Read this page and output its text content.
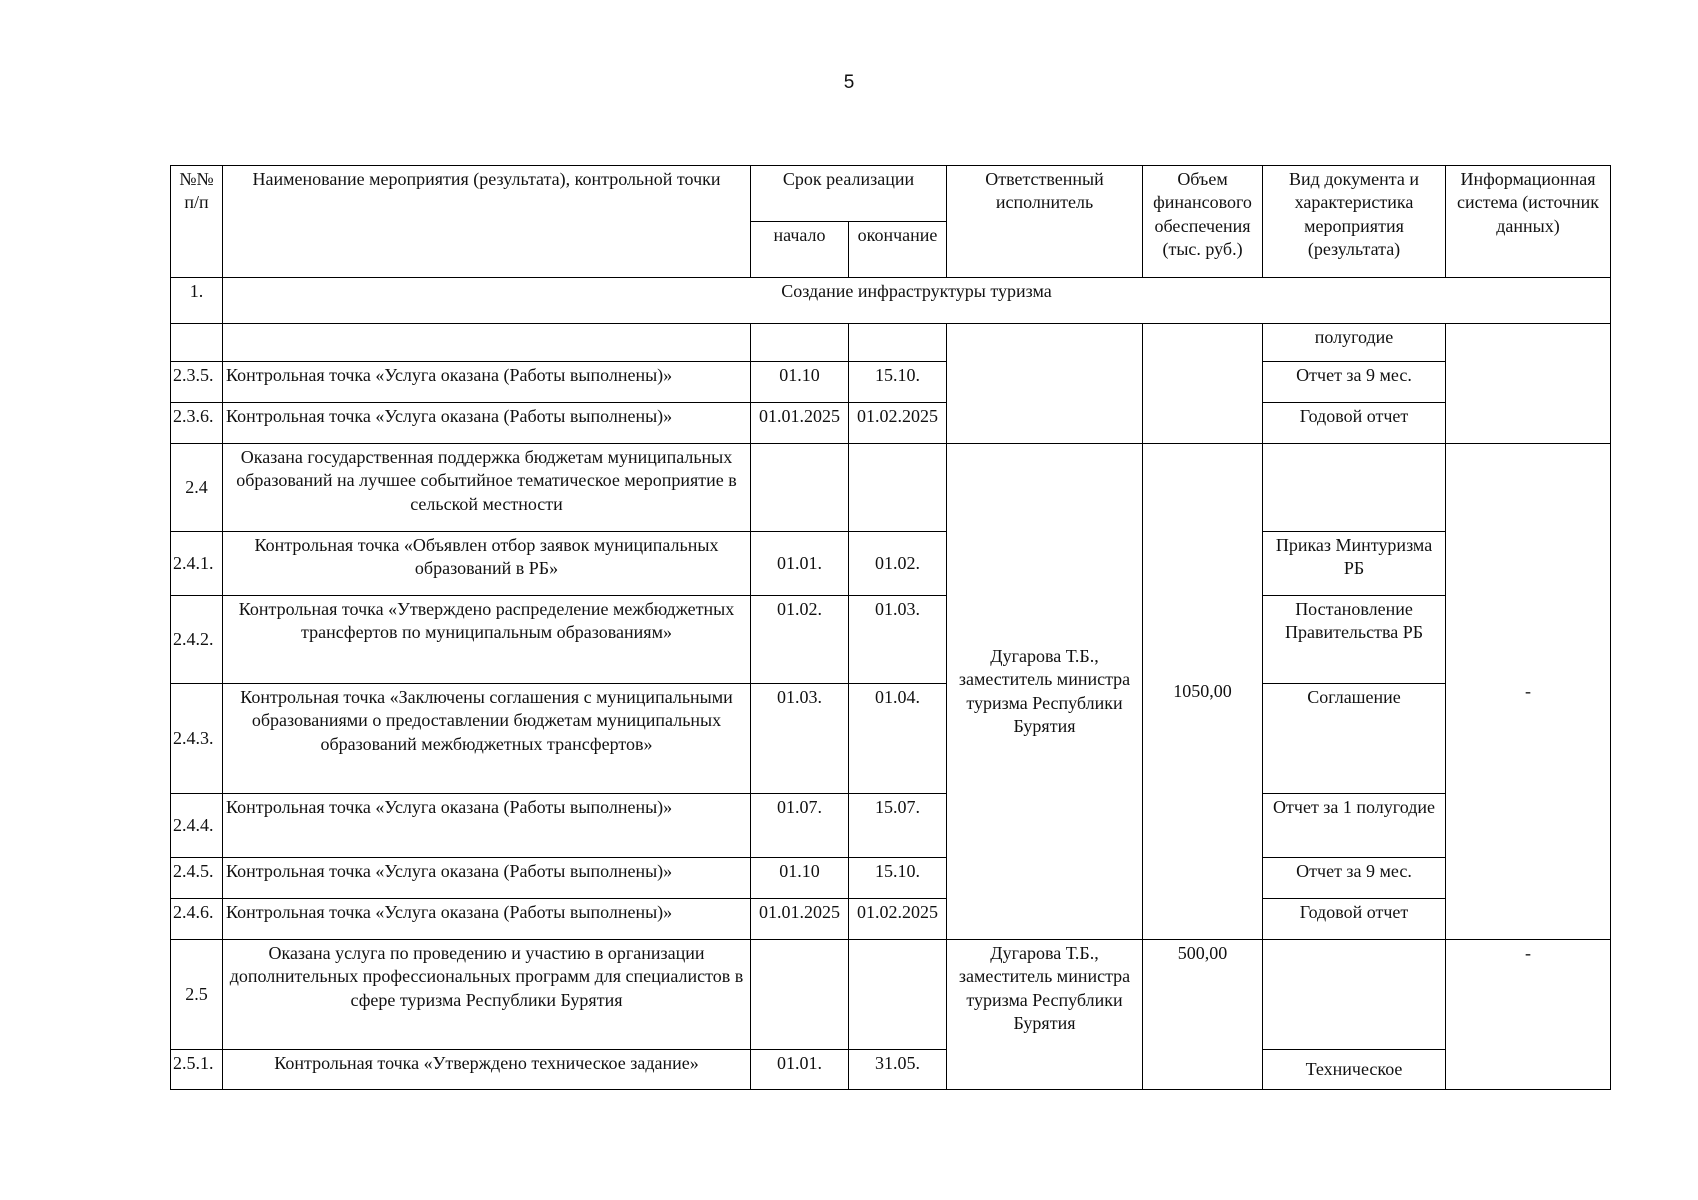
5
№№ п/п	Наименование мероприятия (результата), контрольной точки	Срок реализации		Ответственный исполнитель	Объем финансового обеспечения (тыс. руб.)	Вид документа и характеристика мероприятия (результата)	Информационная система (источник данных)
		начало	окончание				
1.	Создание инфраструктуры туризма						
						полугодие	
2.3.5.	Контрольная точка «Услуга оказана (Работы выполнены)»	01.10	15.10.			Отчет за 9 мес.	
2.3.6.	Контрольная точка «Услуга оказана (Работы выполнены)»	01.01.2025	01.02.2025			Годовой отчет	
2.4	Оказана государственная поддержка бюджетам муниципальных образований на лучшее событийное тематическое мероприятие в сельской местности			Дугарова Т.Б., заместитель министра туризма Республики Бурятия	1050,00		-
2.4.1.	Контрольная точка «Объявлен отбор заявок муниципальных образований в РБ»	01.01.	01.02.			Приказ Минтуризма РБ	
2.4.2.	Контрольная точка «Утверждено распределение межбюджетных трансфертов по муниципальным образованиям»	01.02.	01.03.			Постановление Правительства РБ	
2.4.3.	Контрольная точка «Заключены соглашения с муниципальными образованиями о предоставлении бюджетам муниципальных образований межбюджетных трансфертов»	01.03.	01.04.			Соглашение	
2.4.4.	Контрольная точка «Услуга оказана (Работы выполнены)»	01.07.	15.07.			Отчет за 1 полугодие	
2.4.5.	Контрольная точка «Услуга оказана (Работы выполнены)»	01.10	15.10.			Отчет за 9 мес.	
2.4.6.	Контрольная точка «Услуга оказана (Работы выполнены)»	01.01.2025	01.02.2025			Годовой отчет	
2.5	Оказана услуга по проведению и участию в организации дополнительных профессиональных программ для специалистов в сфере туризма Республики Бурятия			Дугарова Т.Б., заместитель министра туризма Республики Бурятия	500,00		-
2.5.1.	Контрольная точка «Утверждено техническое задание»	01.01.	31.05.			Техническое	
